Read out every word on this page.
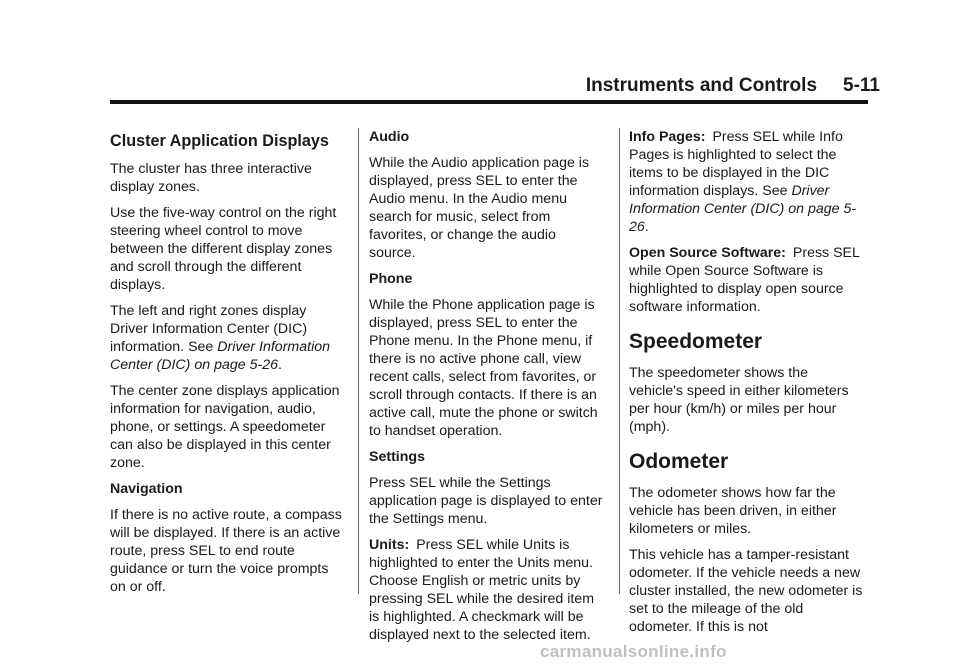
Instruments and Controls 5-11
Cluster Application Displays

The cluster has three interactive display zones.

Use the five-way control on the right steering wheel control to move between the different display zones and scroll through the different displays.

The left and right zones display Driver Information Center (DIC) information. See Driver Information Center (DIC) on page 5-26.

The center zone displays application information for navigation, audio, phone, or settings. A speedometer can also be displayed in this center zone.

Navigation

If there is no active route, a compass will be displayed. If there is an active route, press SEL to end route guidance or turn the voice prompts on or off.

Audio

While the Audio application page is displayed, press SEL to enter the Audio menu. In the Audio menu search for music, select from favorites, or change the audio source.

Phone

While the Phone application page is displayed, press SEL to enter the Phone menu. In the Phone menu, if there is no active phone call, view recent calls, select from favorites, or scroll through contacts. If there is an active call, mute the phone or switch to handset operation.

Settings

Press SEL while the Settings application page is displayed to enter the Settings menu.

Units: Press SEL while Units is highlighted to enter the Units menu. Choose English or metric units by pressing SEL while the desired item is highlighted. A checkmark will be displayed next to the selected item.

Info Pages: Press SEL while Info Pages is highlighted to select the items to be displayed in the DIC information displays. See Driver Information Center (DIC) on page 5-26.

Open Source Software: Press SEL while Open Source Software is highlighted to display open source software information.

Speedometer

The speedometer shows the vehicle's speed in either kilometers per hour (km/h) or miles per hour (mph).

Odometer

The odometer shows how far the vehicle has been driven, in either kilometers or miles.

This vehicle has a tamper-resistant odometer. If the vehicle needs a new cluster installed, the new odometer is set to the mileage of the old odometer. If this is not

carmanualsonline.info
